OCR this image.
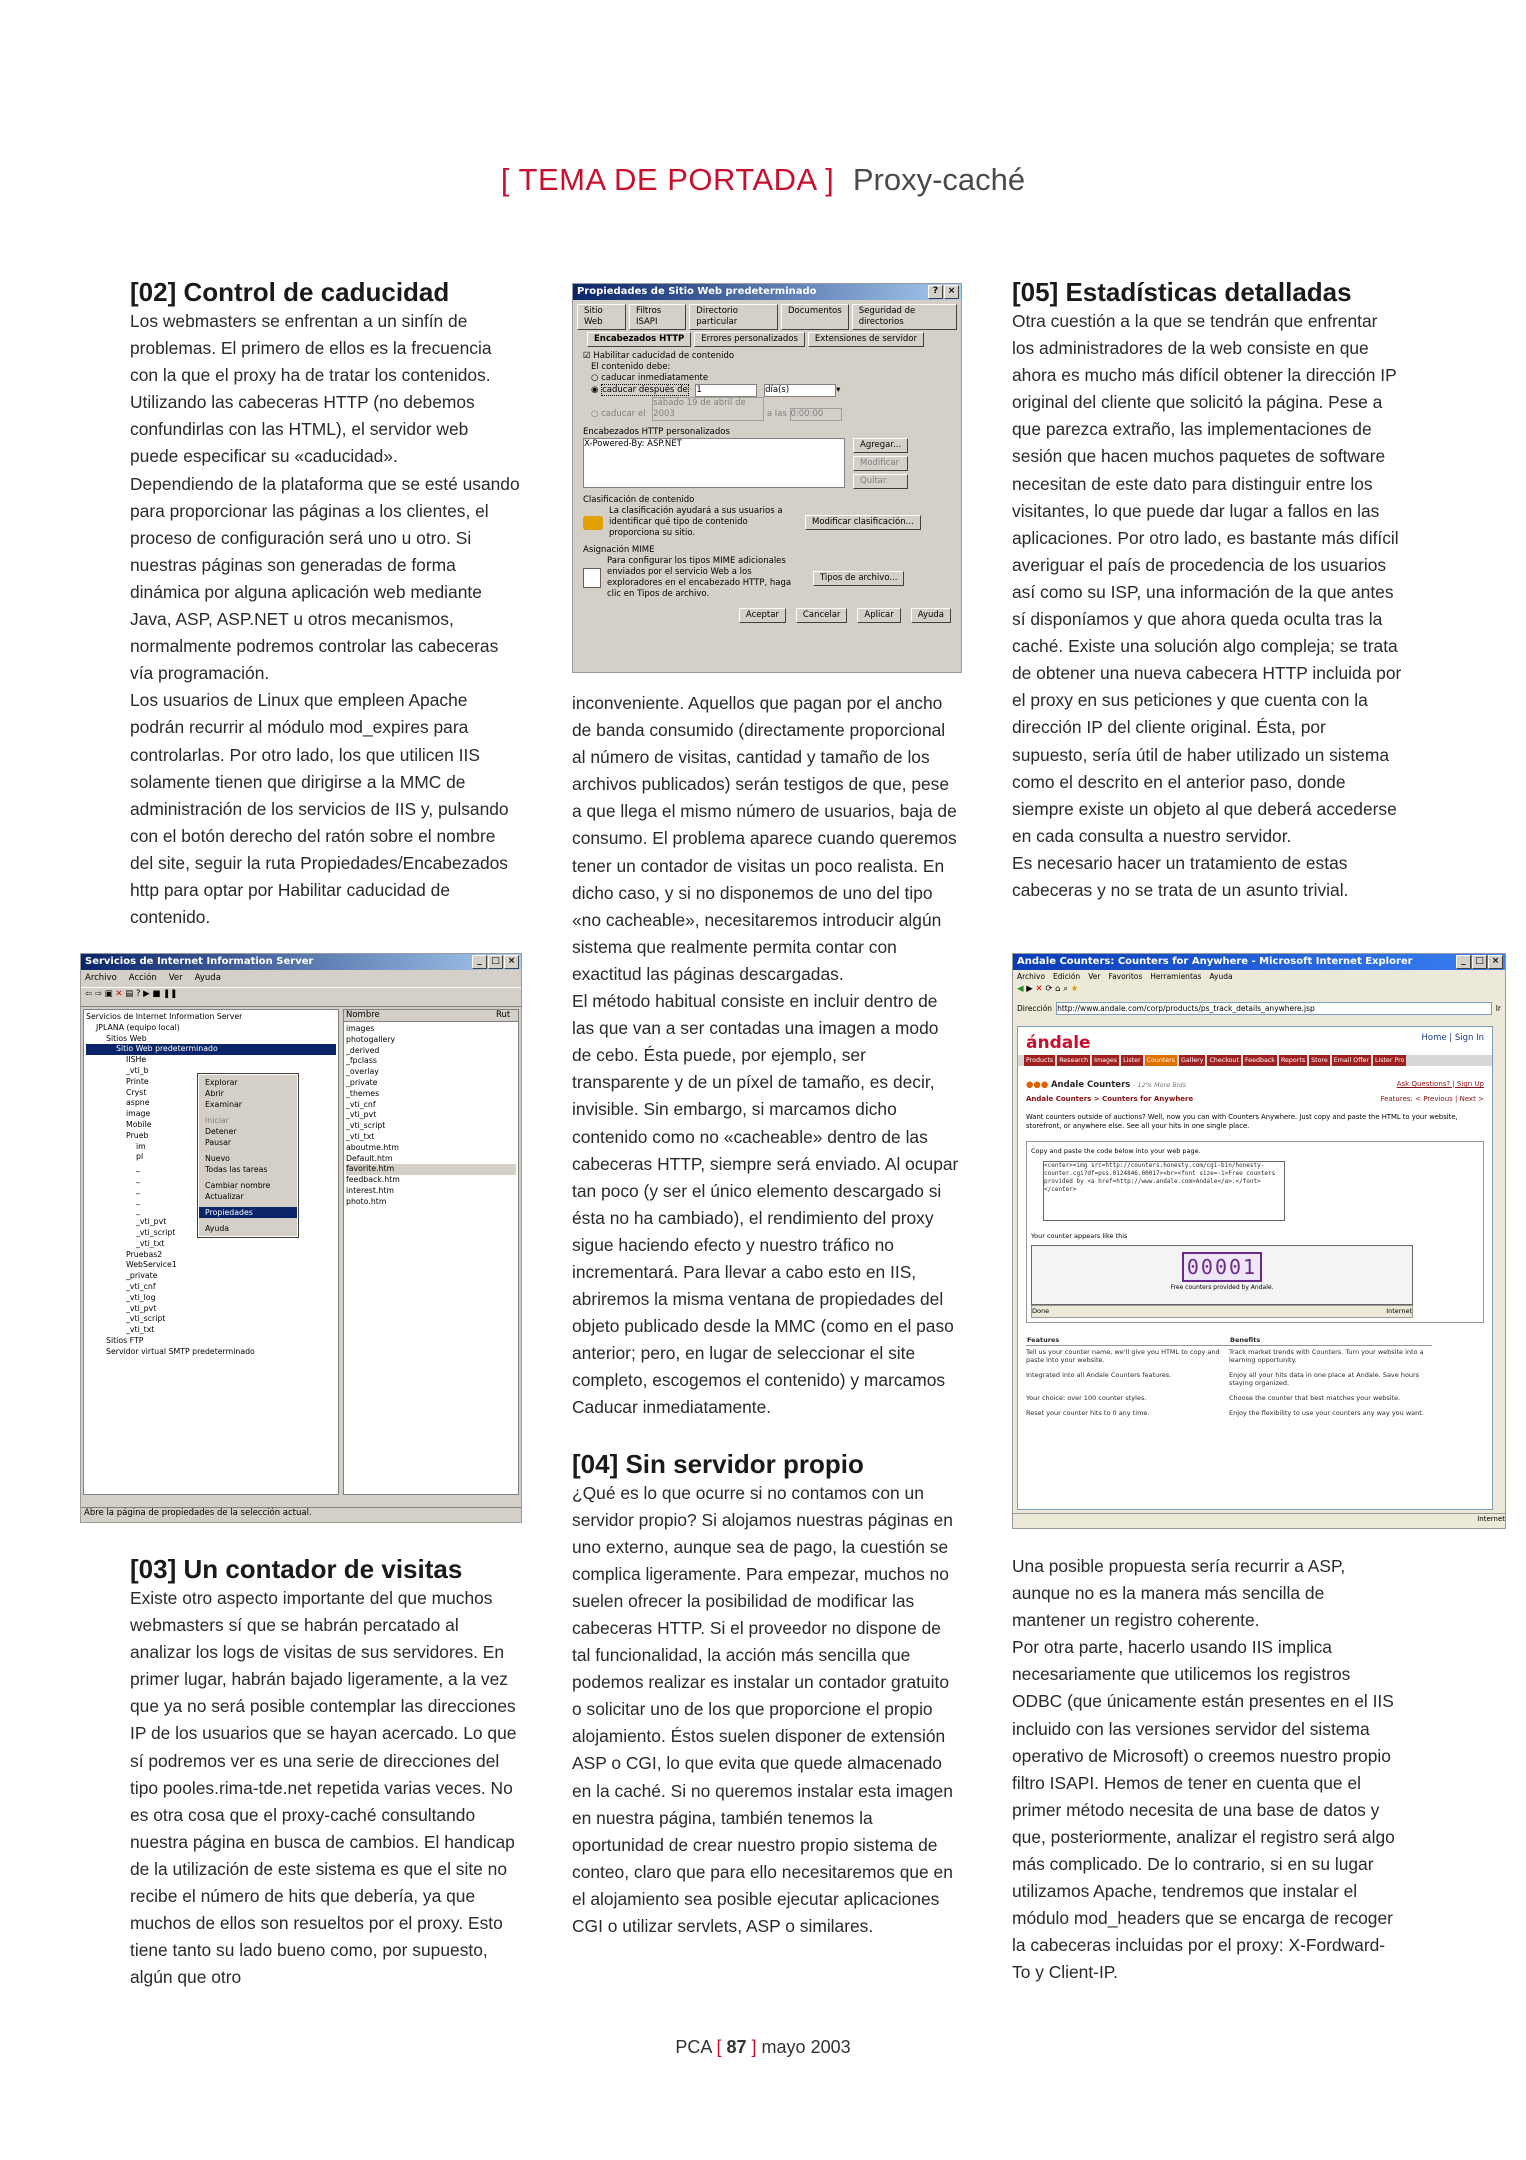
[ TEMA DE PORTADA ] Proxy-caché
[02] Control de caducidad

Los webmasters se enfrentan a un sinfín de problemas. El primero de ellos es la frecuencia con la que el proxy ha de tratar los contenidos. Utilizando las cabeceras HTTP (no debemos confundirlas con las HTML), el servidor web puede especificar su «caducidad».

Dependiendo de la plataforma que se esté usando para proporcionar las páginas a los clientes, el proceso de configuración será uno u otro. Si nuestras páginas son generadas de forma dinámica por alguna aplicación web mediante Java, ASP, ASP.NET u otros mecanismos, normalmente podremos controlar las cabeceras vía programación.

Los usuarios de Linux que empleen Apache podrán recurrir al módulo mod_expires para controlarlas. Por otro lado, los que utilicen IIS solamente tienen que dirigirse a la MMC de administración de los servicios de IIS y, pulsando con el botón derecho del ratón sobre el nombre del site, seguir la ruta Propiedades/Encabezados http para optar por Habilitar caducidad de contenido.

[03] Un contador de visitas

Existe otro aspecto importante del que muchos webmasters sí que se habrán percatado al analizar los logs de visitas de sus servidores. En primer lugar, habrán bajado ligeramente, a la vez que ya no será posible contemplar las direcciones IP de los usuarios que se hayan acercado. Lo que sí podremos ver es una serie de direcciones del tipo pooles.rima-tde.net repetida varias veces. No es otra cosa que el proxy-caché consultando nuestra página en busca de cambios. El handicap de la utilización de este sistema es que el site no recibe el número de hits que debería, ya que muchos de ellos son resueltos por el proxy. Esto tiene tanto su lado bueno como, por supuesto, algún que otro

inconveniente. Aquellos que pagan por el ancho de banda consumido (directamente proporcional al número de visitas, cantidad y tamaño de los archivos publicados) serán testigos de que, pese a que llega el mismo número de usuarios, baja de consumo. El problema aparece cuando queremos tener un contador de visitas un poco realista. En dicho caso, y si no disponemos de uno del tipo «no cacheable», necesitaremos introducir algún sistema que realmente permita contar con exactitud las páginas descargadas.

El método habitual consiste en incluir dentro de las que van a ser contadas una imagen a modo de cebo. Ésta puede, por ejemplo, ser transparente y de un píxel de tamaño, es decir, invisible. Sin embargo, si marcamos dicho contenido como no «cacheable» dentro de las cabeceras HTTP, siempre será enviado. Al ocupar tan poco (y ser el único elemento descargado si ésta no ha cambiado), el rendimiento del proxy sigue haciendo efecto y nuestro tráfico no incrementará. Para llevar a cabo esto en IIS, abriremos la misma ventana de propiedades del objeto publicado desde la MMC (como en el paso anterior; pero, en lugar de seleccionar el site completo, escogemos el contenido) y marcamos Caducar inmediatamente.

[04] Sin servidor propio

¿Qué es lo que ocurre si no contamos con un servidor propio? Si alojamos nuestras páginas en uno externo, aunque sea de pago, la cuestión se complica ligeramente. Para empezar, muchos no suelen ofrecer la posibilidad de modificar las cabeceras HTTP. Si el proveedor no dispone de tal funcionalidad, la acción más sencilla que podemos realizar es instalar un contador gratuito o solicitar uno de los que proporcione el propio alojamiento. Éstos suelen disponer de extensión ASP o CGI, lo que evita que quede almacenado en la caché. Si no queremos instalar esta imagen en nuestra página, también tenemos la oportunidad de crear nuestro propio sistema de conteo, claro que para ello necesitaremos que en el alojamiento sea posible ejecutar aplicaciones CGI o utilizar servlets, ASP o similares.

[05] Estadísticas detalladas

Otra cuestión a la que se tendrán que enfrentar los administradores de la web consiste en que ahora es mucho más difícil obtener la dirección IP original del cliente que solicitó la página. Pese a que parezca extraño, las implementaciones de sesión que hacen muchos paquetes de software necesitan de este dato para distinguir entre los visitantes, lo que puede dar lugar a fallos en las aplicaciones. Por otro lado, es bastante más difícil averiguar el país de procedencia de los usuarios así como su ISP, una información de la que antes sí disponíamos y que ahora queda oculta tras la caché. Existe una solución algo compleja; se trata de obtener una nueva cabecera HTTP incluida por el proxy en sus peticiones y que cuenta con la dirección IP del cliente original. Ésta, por supuesto, sería útil de haber utilizado un sistema como el descrito en el anterior paso, donde siempre existe un objeto al que deberá accederse en cada consulta a nuestro servidor.

Es necesario hacer un tratamiento de estas cabeceras y no se trata de un asunto trivial.

Una posible propuesta sería recurrir a ASP, aunque no es la manera más sencilla de mantener un registro coherente.

Por otra parte, hacerlo usando IIS implica necesariamente que utilicemos los registros ODBC (que únicamente están presentes en el IIS incluido con las versiones servidor del sistema operativo de Microsoft) o creemos nuestro propio filtro ISAPI. Hemos de tener en cuenta que el primer método necesita de una base de datos y que, posteriormente, analizar el registro será algo más complicado. De lo contrario, si en su lugar utilizamos Apache, tendremos que instalar el módulo mod_headers que se encarga de recoger la cabeceras incluidas por el proxy: X-Fordward-To y Client-IP.

Propiedades de Sitio Web predeterminado	?	×
Sitio Web
Filtros ISAPI
Directorio particular
Documentos	Seguridad de directorios
Encabezados HTTP	Errores personalizados	Extensiones de servidor
☑ Habilitar caducidad de contenido
El contenido debe:
○ caducar inmediatamente
◉ caducar después de 1	día(s)	▾
○ caducar el sábado 19 de abril de 2003	a las 0:00:00
Encabezados HTTP personalizados
X-Powered-By: ASP.NET	Agregar...
Modificar
Quitar
Clasificación de contenido
La clasificación ayudará a sus usuarios a identificar qué tipo de contenido proporciona su sitio.
Modificar clasificación...
Asignación MIME
Para configurar los tipos MIME adicionales enviados por el servicio Web a los exploradores en el encabezado HTTP, haga clic en Tipos de archivo.
Tipos de archivo...
Aceptar	Cancelar	Aplicar	Ayuda
Servicios de Internet Information Server	_	□ ×
Archivo Acción Ver Ayuda
⇦ ⇨ ▣ ✕ ▤ ? ▶ ■ ❚❚
Servicios de Internet Information Server
JPLANA (equipo local)
Sitios Web
Sitio Web predeterminado
IISHe
_vti_b
Printe
Cryst
aspne
image
Mobile
Prueb
im
pl
_
_
_
_
_
_vti_pvt
_vti_script
_vti_txt
Pruebas2
WebService1
_private
_vti_cnf
_vti_log
_vti_pvt
_vti_script
_vti_txt
Sitios FTP
Servidor virtual SMTP predeterminado
Nombre	Rut
images
photogallery
_derived
_fpclass
_overlay
_private
_themes
_vti_cnf
_vti_pvt
_vti_script
_vti_txt
aboutme.htm
Default.htm
favorite.htm
feedback.htm
interest.htm
photo.htm
Explorar
Abrir
Examinar
Iniciar
Detener
Pausar
Nuevo
Todas las tareas
Cambiar nombre
Actualizar
Propiedades
Ayuda
Abre la página de propiedades de la selección actual.
Andale Counters: Counters for Anywhere - Microsoft Internet Explorer	_	□ ×
Archivo Edición Ver Favoritos Herramientas Ayuda
◀ ▶ ✕ ⟳ ⌂ ⌕ ★
Dirección http://www.andale.com/corp/products/ps_track_details_anywhere.jsp	Ir
ándale	Home | Sign In
Products Research Images Lister Counters Gallery Checkout Feedback Reports Store Email Offer Lister Pro
●●● Andale Counters - 12% More Bids	Ask Questions? | Sign Up
Andale Counters > Counters for Anywhere	Features: < Previous | Next >
Want counters outside of auctions? Well, now you can with Counters Anywhere. Just copy and paste the HTML to your website, storefront, or anywhere else. See all your hits in one single place.
Copy and paste the code below into your web page.
<center><img src=http://counters.honesty.com/cgi-bin/honesty-counter.cgi?df=pss.0124846.00017><br><font size=-1>Free counters provided by <a href=http://www.andale.com>Andale</a>.</font></center>
Your counter appears like this
00001
Free counters provided by Andale.
Done	Internet
Features	Benefits
Tell us your counter name, we'll give you HTML to copy and paste into your website.	Track market trends with Counters. Turn your website into a learning opportunity.
Integrated into all Andale Counters features.	Enjoy all your hits data in one place at Andale. Save hours staying organized.
Your choice: over 100 counter styles.	Choose the counter that best matches your website.
Reset your counter hits to 0 any time.	Enjoy the flexibility to use your counters any way you want.
Internet
PCA [ 87 ] mayo 2003
